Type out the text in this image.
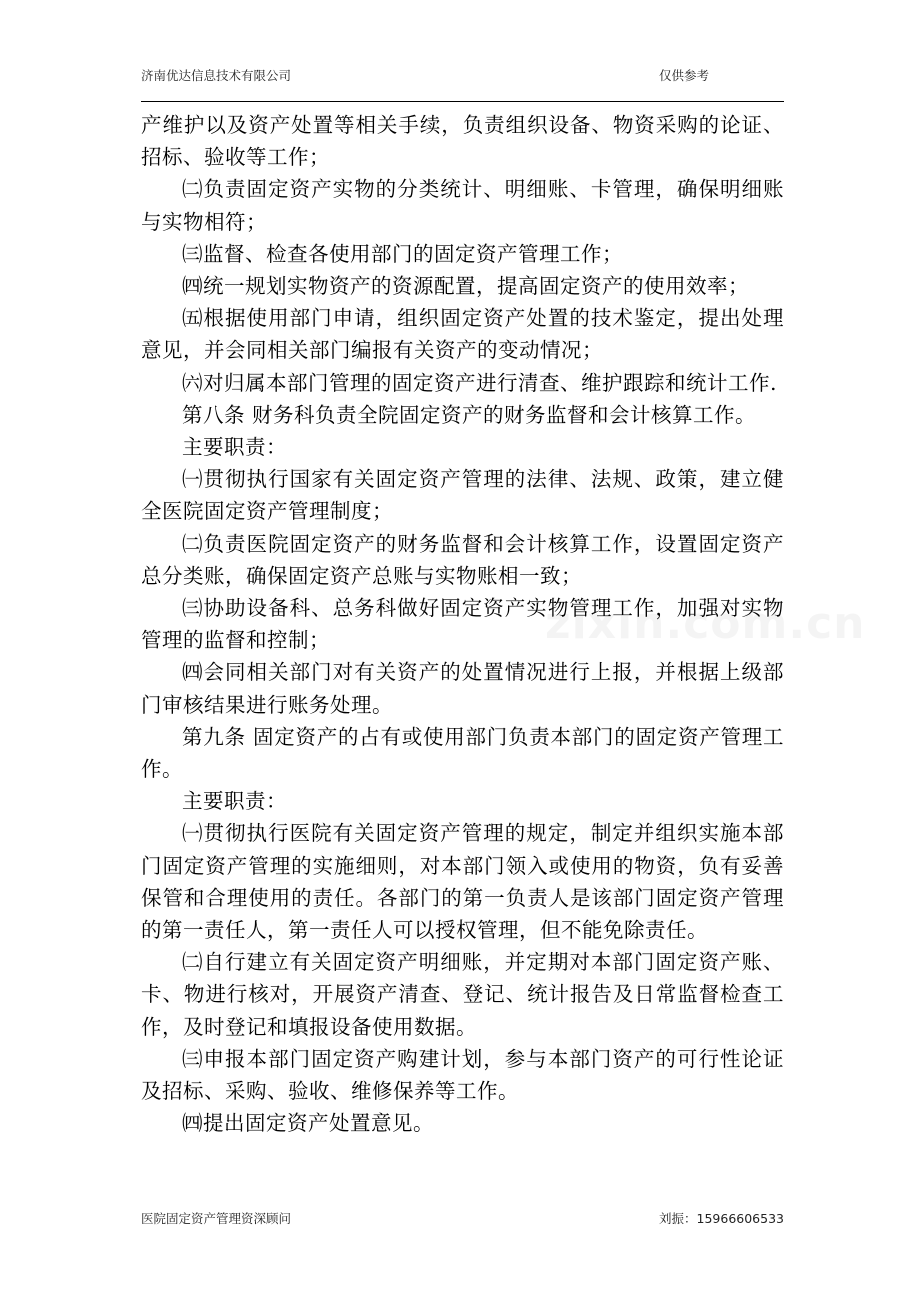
济南优达信息技术有限公司	仅供参考

产维护以及资产处置等相关手续，负责组织设备、物资采购的论证、招标、验收等工作；

㈡负责固定资产实物的分类统计、明细账、卡管理，确保明细账与实物相符；

㈢监督、检查各使用部门的固定资产管理工作；

㈣统一规划实物资产的资源配置，提高固定资产的使用效率；

㈤根据使用部门申请，组织固定资产处置的技术鉴定，提出处理意见，并会同相关部门编报有关资产的变动情况；

㈥对归属本部门管理的固定资产进行清查、维护跟踪和统计工作.

第八条 财务科负责全院固定资产的财务监督和会计核算工作。

主要职责：

㈠贯彻执行国家有关固定资产管理的法律、法规、政策，建立健全医院固定资产管理制度；

㈡负责医院固定资产的财务监督和会计核算工作，设置固定资产总分类账，确保固定资产总账与实物账相一致；

㈢协助设备科、总务科做好固定资产实物管理工作，加强对实物管理的监督和控制；

㈣会同相关部门对有关资产的处置情况进行上报，并根据上级部门审核结果进行账务处理。

第九条 固定资产的占有或使用部门负责本部门的固定资产管理工作。

主要职责：

㈠贯彻执行医院有关固定资产管理的规定，制定并组织实施本部门固定资产管理的实施细则，对本部门领入或使用的物资，负有妥善保管和合理使用的责任。各部门的第一负责人是该部门固定资产管理的第一责任人，第一责任人可以授权管理，但不能免除责任。

㈡自行建立有关固定资产明细账，并定期对本部门固定资产账、卡、物进行核对，开展资产清查、登记、统计报告及日常监督检查工作，及时登记和填报设备使用数据。

㈢申报本部门固定资产购建计划，参与本部门资产的可行性论证及招标、采购、验收、维修保养等工作。

㈣提出固定资产处置意见。

医院固定资产管理资深顾问	刘振：15966606533
